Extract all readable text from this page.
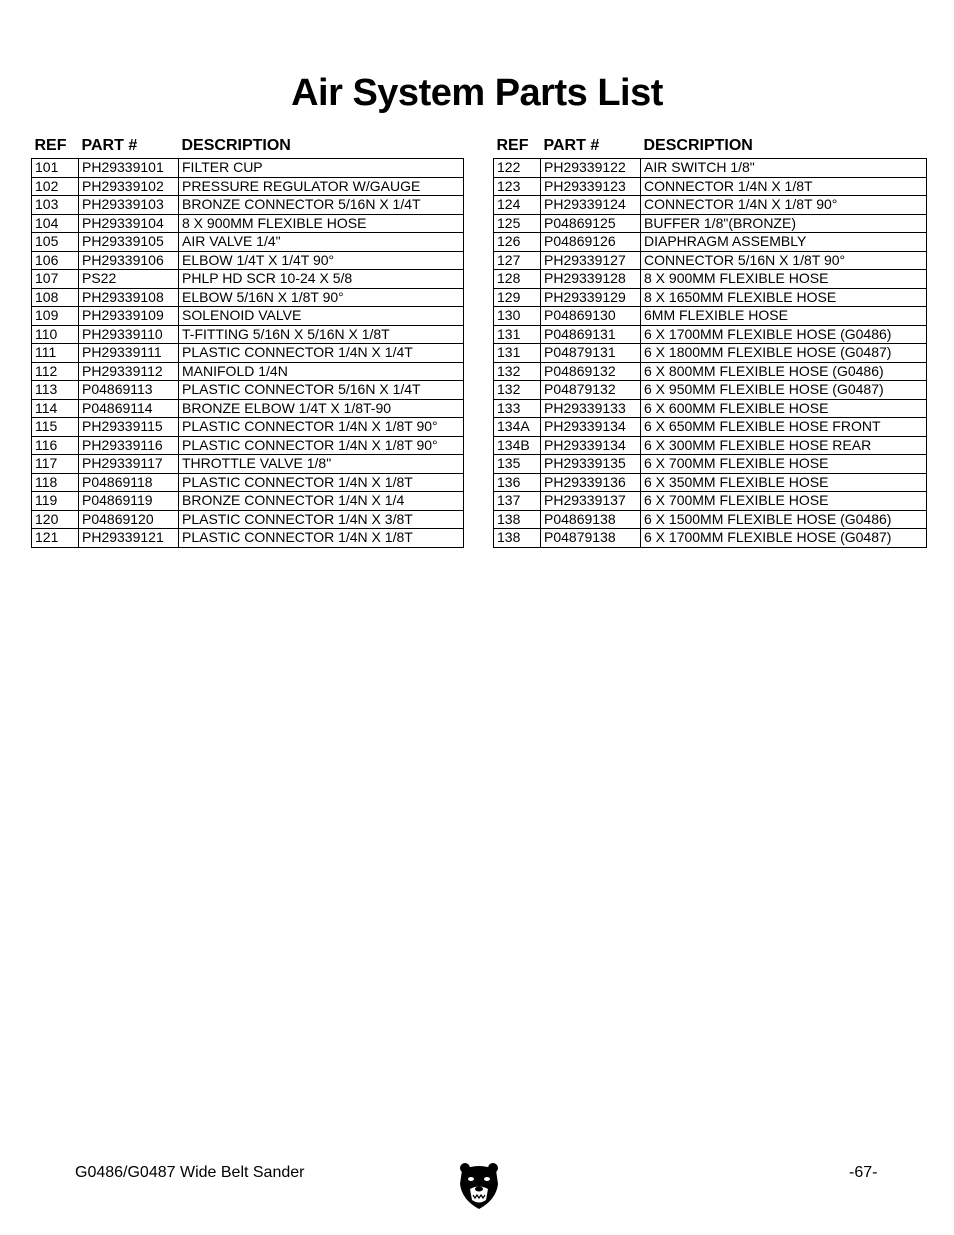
Air System Parts List
REF	PART #	DESCRIPTION
101	PH29339101	FILTER CUP
102	PH29339102	PRESSURE REGULATOR W/GAUGE
103	PH29339103	BRONZE CONNECTOR 5/16N X 1/4T
104	PH29339104	8 X 900MM FLEXIBLE HOSE
105	PH29339105	AIR VALVE 1/4"
106	PH29339106	ELBOW 1/4T X 1/4T 90°
107	PS22	PHLP HD SCR 10-24 X 5/8
108	PH29339108	ELBOW 5/16N X 1/8T 90°
109	PH29339109	SOLENOID VALVE
110	PH29339110	T-FITTING 5/16N X 5/16N X 1/8T
111	PH29339111	PLASTIC CONNECTOR 1/4N X 1/4T
112	PH29339112	MANIFOLD 1/4N
113	P04869113	PLASTIC CONNECTOR 5/16N X 1/4T
114	P04869114	BRONZE ELBOW 1/4T X 1/8T-90
115	PH29339115	PLASTIC CONNECTOR 1/4N X 1/8T 90°
116	PH29339116	PLASTIC CONNECTOR 1/4N X 1/8T 90°
117	PH29339117	THROTTLE VALVE 1/8"
118	P04869118	PLASTIC CONNECTOR 1/4N X 1/8T
119	P04869119	BRONZE CONNECTOR 1/4N X 1/4
120	P04869120	PLASTIC CONNECTOR 1/4N X 3/8T
121	PH29339121	PLASTIC CONNECTOR 1/4N X 1/8T
REF	PART #	DESCRIPTION
122	PH29339122	AIR SWITCH 1/8"
123	PH29339123	CONNECTOR 1/4N X 1/8T
124	PH29339124	CONNECTOR 1/4N X 1/8T 90°
125	P04869125	BUFFER 1/8"(BRONZE)
126	P04869126	DIAPHRAGM ASSEMBLY
127	PH29339127	CONNECTOR 5/16N X 1/8T 90°
128	PH29339128	8 X 900MM FLEXIBLE HOSE
129	PH29339129	8 X 1650MM FLEXIBLE HOSE
130	P04869130	6MM FLEXIBLE HOSE
131	P04869131	6 X 1700MM FLEXIBLE HOSE (G0486)
131	P04879131	6 X 1800MM FLEXIBLE HOSE (G0487)
132	P04869132	6 X 800MM FLEXIBLE HOSE (G0486)
132	P04879132	6 X 950MM FLEXIBLE HOSE (G0487)
133	PH29339133	6 X 600MM FLEXIBLE HOSE
134A	PH29339134	6 X 650MM FLEXIBLE HOSE FRONT
134B	PH29339134	6 X 300MM FLEXIBLE HOSE REAR
135	PH29339135	6 X 700MM FLEXIBLE HOSE
136	PH29339136	6 X 350MM FLEXIBLE HOSE
137	PH29339137	6 X 700MM FLEXIBLE HOSE
138	P04869138	6 X 1500MM FLEXIBLE HOSE (G0486)
138	P04879138	6 X 1700MM FLEXIBLE HOSE (G0487)
G0486/G0487 Wide Belt Sander	-67-
